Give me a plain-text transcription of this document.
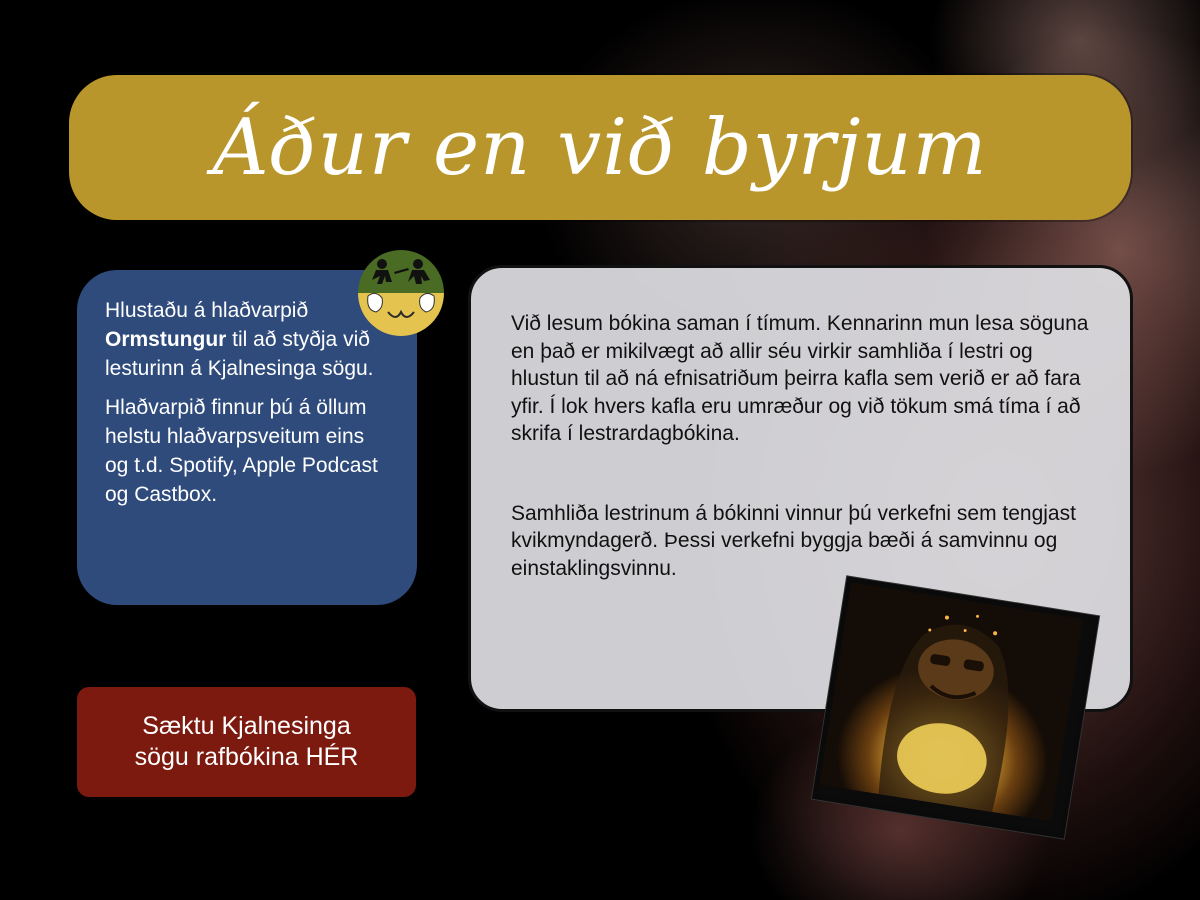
Áður en við byrjum

Hlustaðu á hlaðvarpið Ormstungur til að styðja við lesturinn á Kjalnesinga sögu.

Hlaðvarpið finnur þú á öllum helstu hlaðvarpsveitum eins og t.d. Spotify, Apple Podcast og Castbox.

Sæktu Kjalnesinga
sögu rafbókina HÉR

Við lesum bókina saman í tímum. Kennarinn mun lesa söguna en það er mikilvægt að allir séu virkir samhliða í lestri og hlustun til að ná efnisatriðum þeirra kafla sem verið er að fara yfir. Í lok hvers kafla eru umræður og við tökum smá tíma í að skrifa í lestrardagbókina.

Samhliða lestrinum á bókinni vinnur þú verkefni sem tengjast kvikmyndagerð. Þessi verkefni byggja bæði á samvinnu og einstaklingsvinnu.
